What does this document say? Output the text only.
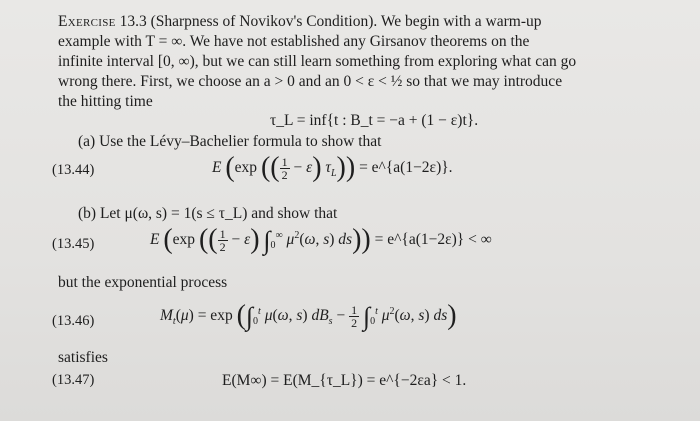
Exercise 13.3 (Sharpness of Novikov's Condition). We begin with a warm-up
example with T = ∞. We have not established any Girsanov theorems on the
infinite interval [0, ∞), but we can still learn something from exploring what can go
wrong there. First, we choose an a > 0 and an 0 < ε < ½ so that we may introduce
the hitting time
τ_L = inf{t : B_t = −a + (1 − ε)t}.
(a) Use the Lévy–Bachelier formula to show that
(13.44)	E (exp (( $\frac{1}{2} - \varepsilon$) $\tau_L$)) = e^{a(1−2ε)}.
(b) Let μ(ω, s) = 1(s ≤ τ_L) and show that
(13.45)	E (exp (( $\frac{1}{2} - \varepsilon$) $\int_0^\infty$ $\mu^2(\omega$, s) ds)) = e^{a(1−2ε)} < ∞
but the exponential process
(13.46)	$M_t(\mu) = \exp (\int_0^t$ μ(ω, s) $dB_s - \frac{1}{2} \int_0^t$ $\mu^2(\omega$, s) ds)
satisfies
(13.47)	E(M∞) = E(M_{τ_L}) = e^{−2εa} < 1.
